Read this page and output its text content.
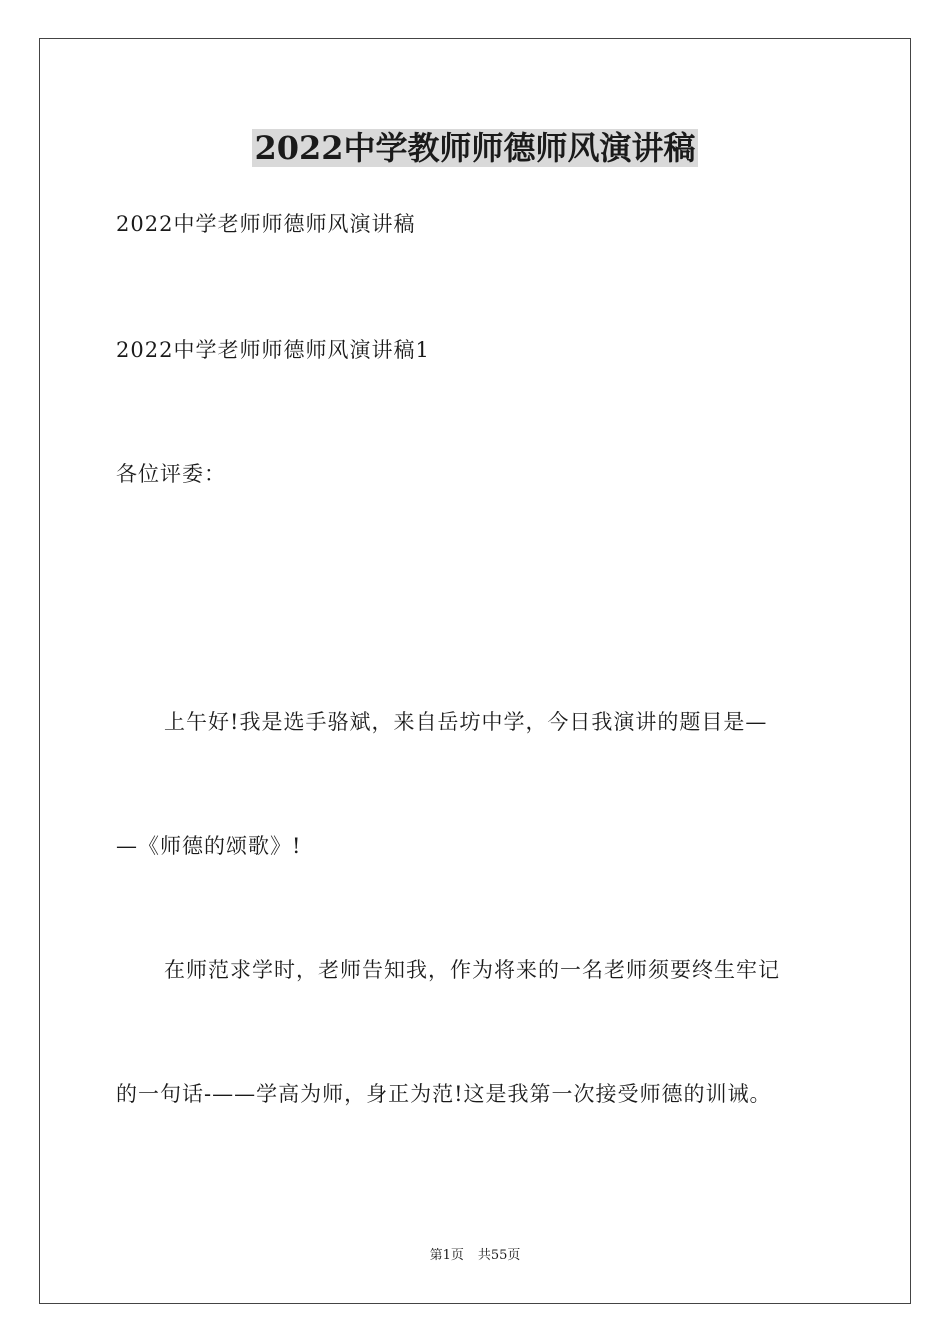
2022中学教师师德师风演讲稿

2022中学老师师德师风演讲稿

2022中学老师师德师风演讲稿1

各位评委：

上午好!我是选手骆斌，来自岳坊中学，今日我演讲的题目是—

—《师德的颂歌》!

在师范求学时，老师告知我，作为将来的一名老师须要终生牢记

的一句话-——学高为师，身正为范!这是我第一次接受师德的训诫。

第1页 共55页
